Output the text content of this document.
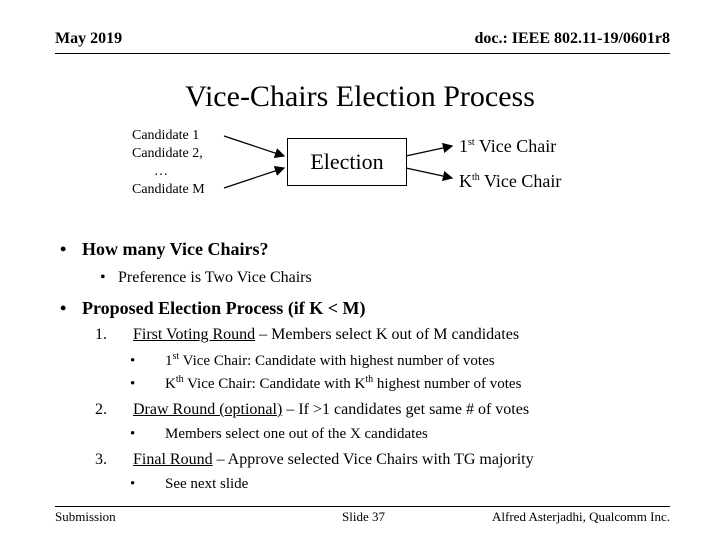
May 2019	doc.: IEEE 802.11-19/0601r8
Vice-Chairs Election Process
Candidate 1
Candidate 2,
…
Candidate M
Election
1st Vice Chair
$K^{th}$ Vice Chair
• How many Vice Chairs?
• Preference is Two Vice Chairs
• Proposed Election Process (if K < M)
1. First Voting Round – Members select K out of M candidates
• 1st Vice Chair: Candidate with highest number of votes
• $K^{th}$ Vice Chair: Candidate with $K^{th}$ highest number of votes
2. Draw Round (optional) – If >1 candidates get same # of votes
• Members select one out of the X candidates
3. Final Round – Approve selected Vice Chairs with TG majority
• See next slide
Submission	Slide 37	Alfred Asterjadhi, Qualcomm Inc.
